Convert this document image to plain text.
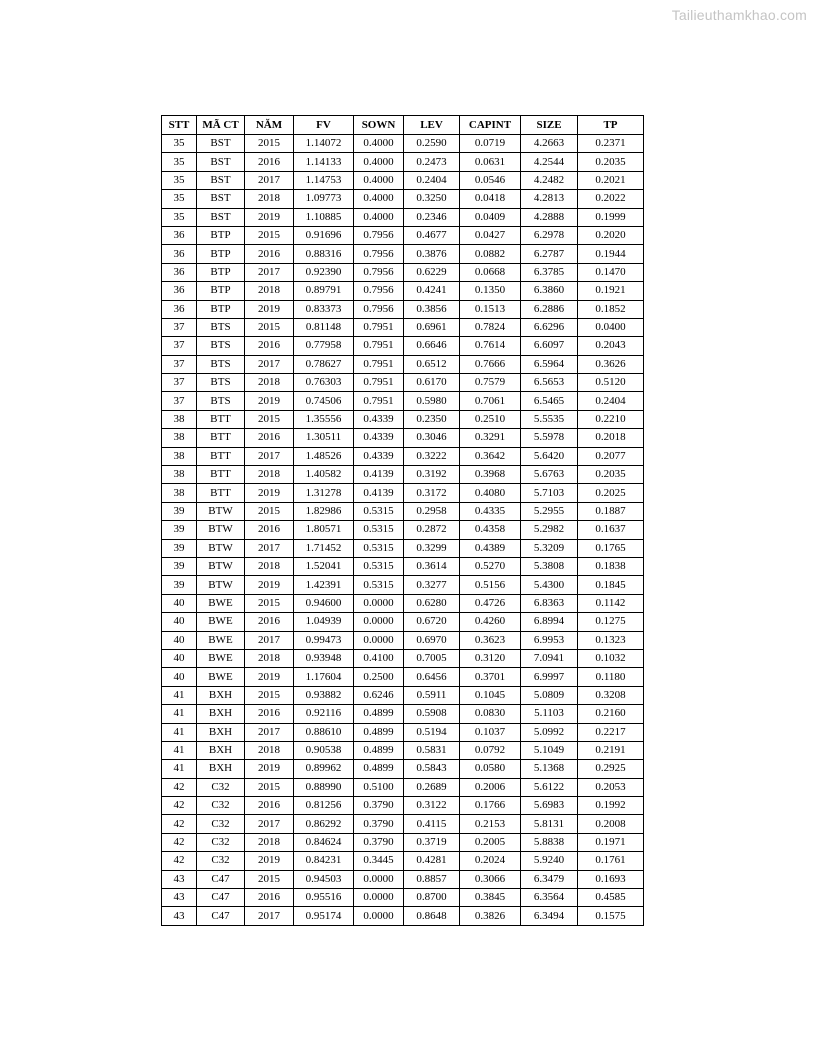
Tailieuthamkhao.com
STT	MÃ CT	NĂM	FV	SOWN	LEV	CAPINT	SIZE	TP
35	BST	2015	1.14072	0.4000	0.2590	0.0719	4.2663	0.2371
35	BST	2016	1.14133	0.4000	0.2473	0.0631	4.2544	0.2035
35	BST	2017	1.14753	0.4000	0.2404	0.0546	4.2482	0.2021
35	BST	2018	1.09773	0.4000	0.3250	0.0418	4.2813	0.2022
35	BST	2019	1.10885	0.4000	0.2346	0.0409	4.2888	0.1999
36	BTP	2015	0.91696	0.7956	0.4677	0.0427	6.2978	0.2020
36	BTP	2016	0.88316	0.7956	0.3876	0.0882	6.2787	0.1944
36	BTP	2017	0.92390	0.7956	0.6229	0.0668	6.3785	0.1470
36	BTP	2018	0.89791	0.7956	0.4241	0.1350	6.3860	0.1921
36	BTP	2019	0.83373	0.7956	0.3856	0.1513	6.2886	0.1852
37	BTS	2015	0.81148	0.7951	0.6961	0.7824	6.6296	0.0400
37	BTS	2016	0.77958	0.7951	0.6646	0.7614	6.6097	0.2043
37	BTS	2017	0.78627	0.7951	0.6512	0.7666	6.5964	0.3626
37	BTS	2018	0.76303	0.7951	0.6170	0.7579	6.5653	0.5120
37	BTS	2019	0.74506	0.7951	0.5980	0.7061	6.5465	0.2404
38	BTT	2015	1.35556	0.4339	0.2350	0.2510	5.5535	0.2210
38	BTT	2016	1.30511	0.4339	0.3046	0.3291	5.5978	0.2018
38	BTT	2017	1.48526	0.4339	0.3222	0.3642	5.6420	0.2077
38	BTT	2018	1.40582	0.4139	0.3192	0.3968	5.6763	0.2035
38	BTT	2019	1.31278	0.4139	0.3172	0.4080	5.7103	0.2025
39	BTW	2015	1.82986	0.5315	0.2958	0.4335	5.2955	0.1887
39	BTW	2016	1.80571	0.5315	0.2872	0.4358	5.2982	0.1637
39	BTW	2017	1.71452	0.5315	0.3299	0.4389	5.3209	0.1765
39	BTW	2018	1.52041	0.5315	0.3614	0.5270	5.3808	0.1838
39	BTW	2019	1.42391	0.5315	0.3277	0.5156	5.4300	0.1845
40	BWE	2015	0.94600	0.0000	0.6280	0.4726	6.8363	0.1142
40	BWE	2016	1.04939	0.0000	0.6720	0.4260	6.8994	0.1275
40	BWE	2017	0.99473	0.0000	0.6970	0.3623	6.9953	0.1323
40	BWE	2018	0.93948	0.4100	0.7005	0.3120	7.0941	0.1032
40	BWE	2019	1.17604	0.2500	0.6456	0.3701	6.9997	0.1180
41	BXH	2015	0.93882	0.6246	0.5911	0.1045	5.0809	0.3208
41	BXH	2016	0.92116	0.4899	0.5908	0.0830	5.1103	0.2160
41	BXH	2017	0.88610	0.4899	0.5194	0.1037	5.0992	0.2217
41	BXH	2018	0.90538	0.4899	0.5831	0.0792	5.1049	0.2191
41	BXH	2019	0.89962	0.4899	0.5843	0.0580	5.1368	0.2925
42	C32	2015	0.88990	0.5100	0.2689	0.2006	5.6122	0.2053
42	C32	2016	0.81256	0.3790	0.3122	0.1766	5.6983	0.1992
42	C32	2017	0.86292	0.3790	0.4115	0.2153	5.8131	0.2008
42	C32	2018	0.84624	0.3790	0.3719	0.2005	5.8838	0.1971
42	C32	2019	0.84231	0.3445	0.4281	0.2024	5.9240	0.1761
43	C47	2015	0.94503	0.0000	0.8857	0.3066	6.3479	0.1693
43	C47	2016	0.95516	0.0000	0.8700	0.3845	6.3564	0.4585
43	C47	2017	0.95174	0.0000	0.8648	0.3826	6.3494	0.1575
